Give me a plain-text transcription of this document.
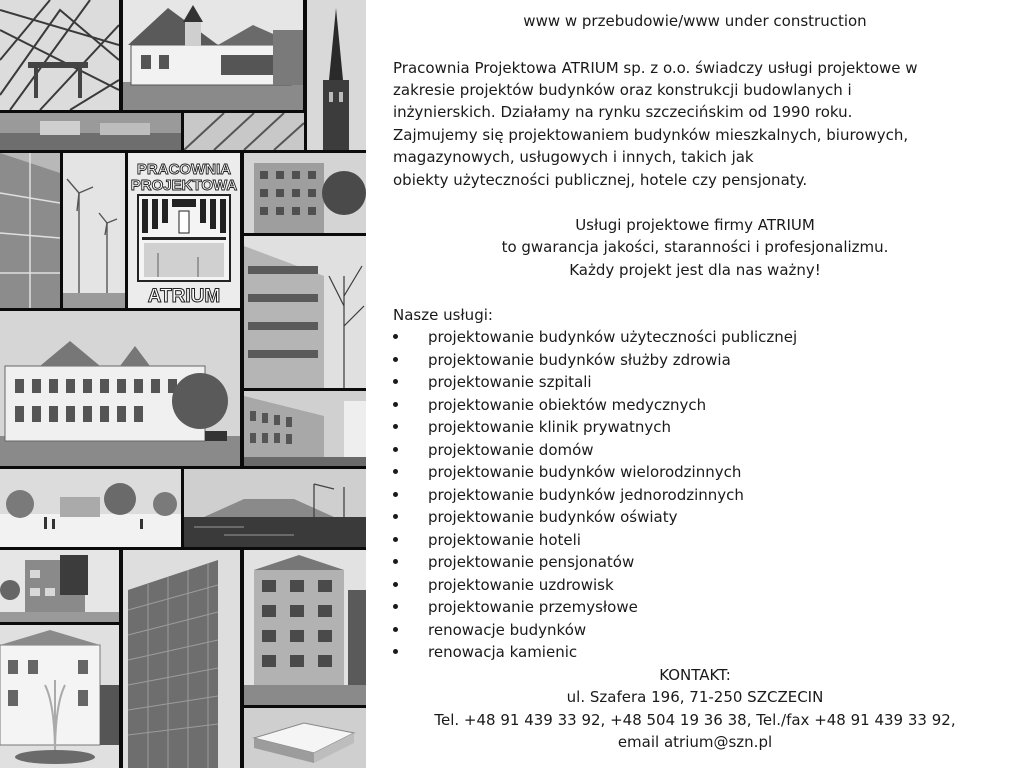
PRACOWNIA
PROJEKTOWA
ATRIUM
www w przebudowie/www under construction
Pracownia Projektowa ATRIUM sp. z o.o. świadczy usługi projektowe w
zakresie projektów budynków oraz konstrukcji budowlanych i
inżynierskich. Działamy na rynku szczecińskim od 1990 roku.
Zajmujemy się projektowaniem budynków mieszkalnych, biurowych,
magazynowych, usługowych i innych, takich jak
obiekty użyteczności publicznej, hotele czy pensjonaty.
Usługi projektowe firmy ATRIUM
to gwarancja jakości, staranności i profesjonalizmu.
Każdy projekt jest dla nas ważny!
Nasze usługi:
projektowanie budynków użyteczności publicznej
projektowanie budynków służby zdrowia
projektowanie szpitali
projektowanie obiektów medycznych
projektowanie klinik prywatnych
projektowanie domów
projektowanie budynków wielorodzinnych
projektowanie budynków jednorodzinnych
projektowanie budynków oświaty
projektowanie hoteli
projektowanie pensjonatów
projektowanie uzdrowisk
projektowanie przemysłowe
renowacje budynków
renowacja kamienic
KONTAKT:
ul. Szafera 196, 71-250 SZCZECIN
Tel. +48 91 439 33 92, +48 504 19 36 38, Tel./fax +48 91 439 33 92,
email atrium@szn.pl
